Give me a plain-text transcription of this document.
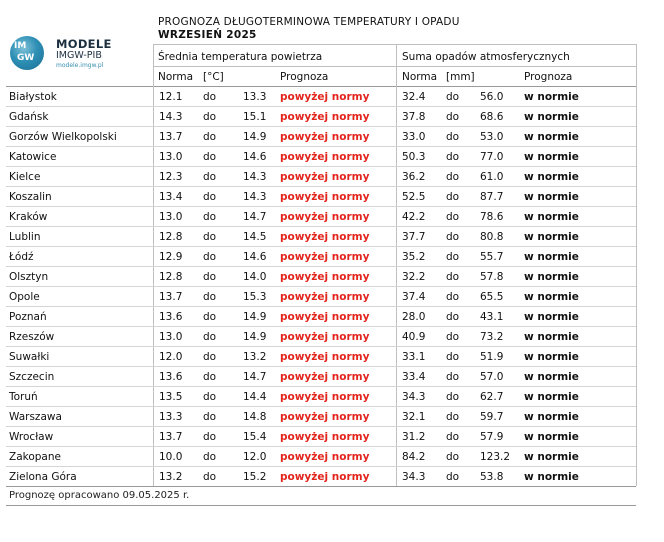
IM
GW
MODELE
IMGW-PIB
modele.imgw.pl
PROGNOZA DŁUGOTERMINOWA TEMPERATURY I OPADU
WRZESIEŃ 2025
Średnia temperatura powietrza	Suma opadów atmosferycznych
Norma [°C]	Prognoza	Norma [mm]	Prognoza
Białystok	12.1 do	13.3 powyżej normy	32.4 do 56.0 w normie
Gdańsk	14.3 do	15.1 powyżej normy	37.8 do 68.6 w normie
Gorzów Wielkopolski	13.7 do	14.9 powyżej normy	33.0 do 53.0 w normie
Katowice	13.0 do	14.6 powyżej normy	50.3 do 77.0 w normie
Kielce	12.3 do	14.3 powyżej normy	36.2 do 61.0 w normie
Koszalin	13.4 do	14.3 powyżej normy	52.5 do 87.7 w normie
Kraków	13.0 do	14.7 powyżej normy	42.2 do 78.6 w normie
Lublin	12.8 do	14.5 powyżej normy	37.7 do 80.8 w normie
Łódź	12.9 do	14.6 powyżej normy	35.2 do 55.7 w normie
Olsztyn	12.8 do	14.0 powyżej normy	32.2 do 57.8 w normie
Opole	13.7 do	15.3 powyżej normy	37.4 do 65.5 w normie
Poznań	13.6 do	14.9 powyżej normy	28.0 do 43.1 w normie
Rzeszów	13.0 do	14.9 powyżej normy	40.9 do 73.2 w normie
Suwałki	12.0 do	13.2 powyżej normy	33.1 do 51.9 w normie
Szczecin	13.6 do	14.7 powyżej normy	33.4 do 57.0 w normie
Toruń	13.5 do	14.4 powyżej normy	34.3 do 62.7 w normie
Warszawa	13.3 do	14.8 powyżej normy	32.1 do 59.7 w normie
Wrocław	13.7 do	15.4 powyżej normy	31.2 do 57.9 w normie
Zakopane	10.0 do	12.0 powyżej normy	84.2 do 123.2 w normie
Zielona Góra	13.2 do	15.2 powyżej normy	34.3 do 53.8 w normie
Prognozę opracowano 09.05.2025 r.
